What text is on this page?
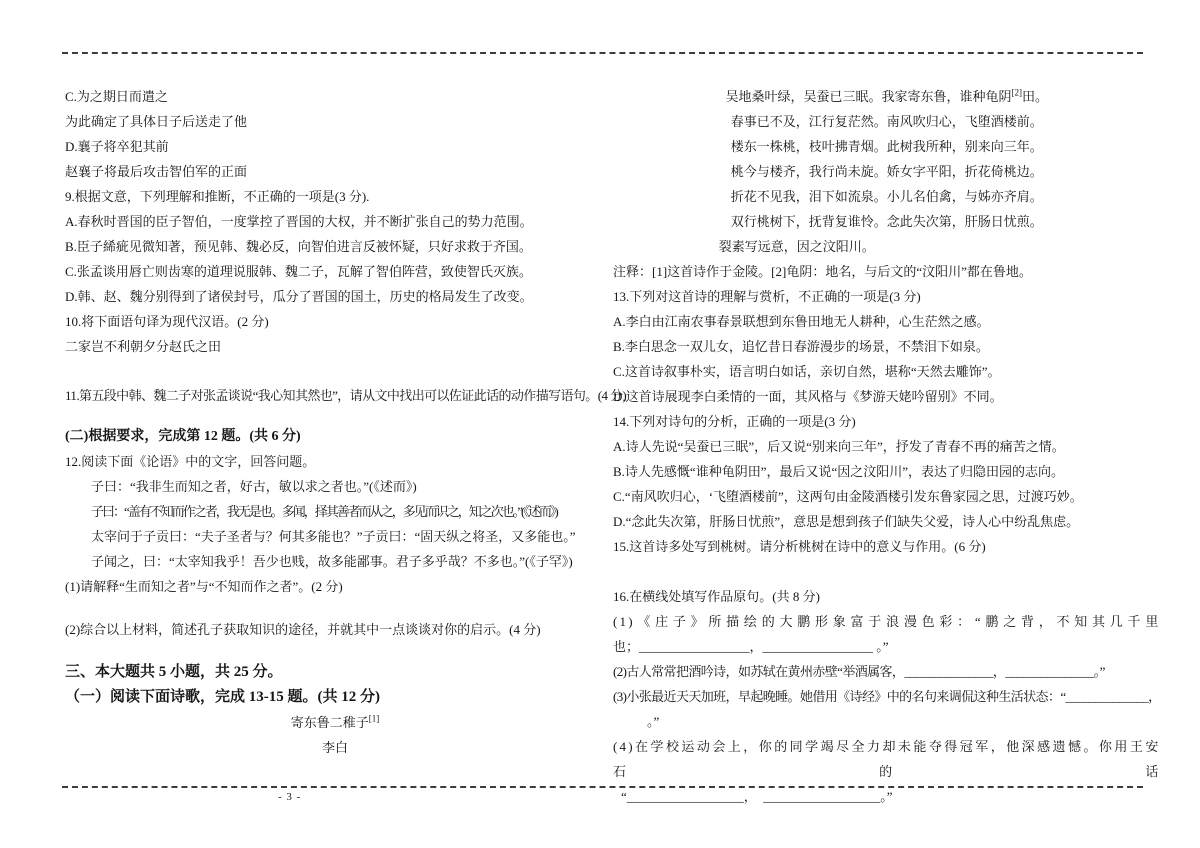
C.为之期日而遣之
为此确定了具体日子后送走了他
D.襄子将卒犯其前
赵襄子将最后攻击智伯军的正面
9.根据文意，下列理解和推断，不正确的一项是(3 分).
A.春秋时晋国的臣子智伯，一度掌控了晋国的大权，并不断扩张自己的势力范围。
B.臣子絺疵见微知著，预见韩、魏必反，向智伯进言反被怀疑，只好求救于齐国。
C.张孟谈用唇亡则齿寒的道理说服韩、魏二子，瓦解了智伯阵营，致使智氏灭族。
D.韩、赵、魏分别得到了诸侯封号，瓜分了晋国的国土，历史的格局发生了改变。
10.将下面语句译为现代汉语。(2 分)
二家岂不利朝夕分赵氏之田
11.第五段中韩、魏二子对张孟谈说“我心知其然也”，请从文中找出可以佐证此话的动作描写语句。(4 分)
(二)根据要求，完成第 12 题。(共 6 分)
12.阅读下面《论语》中的文字，回答问题。
子曰：“我非生而知之者，好古，敏以求之者也。”(《述而》)
子曰：“盖有不知而作之者，我无是也。多闻，择其善者而从之，多见而识之，知之次也。”(《述而》)
太宰问于子贡曰：“夫子圣者与？何其多能也？”子贡曰：“固天纵之将圣，又多能也。”
子闻之，曰：“太宰知我乎！吾少也贱，故多能鄙事。君子多乎哉？不多也。”(《子罕》)
(1)请解释“生而知之者”与“不知而作之者”。(2 分)
(2)综合以上材料，简述孔子获取知识的途径，并就其中一点谈谈对你的启示。(4 分)
三、本大题共 5 小题，共 25 分。
（一）阅读下面诗歌，完成 13-15 题。(共 12 分)
寄东鲁二稚子[1]
李白
吴地桑叶绿，吴蚕已三眠。我家寄东鲁，谁种龟阴[2]田。
春事已不及，江行复茫然。南风吹归心，飞堕酒楼前。
楼东一株桃，枝叶拂青烟。此树我所种，别来向三年。
桃今与楼齐，我行尚未旋。娇女字平阳，折花倚桃边。
折花不见我，泪下如流泉。小儿名伯禽，与姊亦齐肩。
双行桃树下，抚背复谁怜。念此失次第，肝肠日忧煎。
裂素写远意，因之汶阳川。
注释：[1]这首诗作于金陵。[2]龟阴：地名，与后文的“汶阳川”都在鲁地。
13.下列对这首诗的理解与赏析，不正确的一项是(3 分)
A.李白由江南农事春景联想到东鲁田地无人耕种，心生茫然之感。
B.李白思念一双儿女，追忆昔日春游漫步的场景，不禁泪下如泉。
C.这首诗叙事朴实，语言明白如话，亲切自然，堪称“天然去雕饰”。
D.这首诗展现李白柔情的一面，其风格与《梦游天姥吟留别》不同。
14.下列对诗句的分析，正确的一项是(3 分)
A.诗人先说“吴蚕已三眠”，后又说“别来向三年”，抒发了青春不再的痛苦之情。
B.诗人先感慨“谁种龟阴田”，最后又说“因之汶阳川”，表达了归隐田园的志向。
C.“南风吹归心，‘飞堕酒楼前”，这两句由金陵酒楼引发东鲁家园之思，过渡巧妙。
D.“念此失次第，肝肠日忧煎”，意思是想到孩子们缺失父爱，诗人心中纷乱焦虑。
15.这首诗多处写到桃树。请分析桃树在诗中的意义与作用。(6 分)
16.在横线处填写作品原句。(共 8 分)
(1)《庄子》所描绘的大鹏形象富于浪漫色彩：“鹏之背，不知其几千里
也；_________________，_________________ 。”
(2)古人常常把酒吟诗，如苏轼在黄州赤壁“举酒属客，_______________，_______________。”
(3)小张最近天天加班，早起晚睡。她借用《诗经》中的名句来调侃这种生活状态：“______________，
。”
(4)在学校运动会上，你的同学竭尽全力却未能夺得冠军，他深感遗憾。你用王安石的话
“__________________，　__________________。”
- 3 -
